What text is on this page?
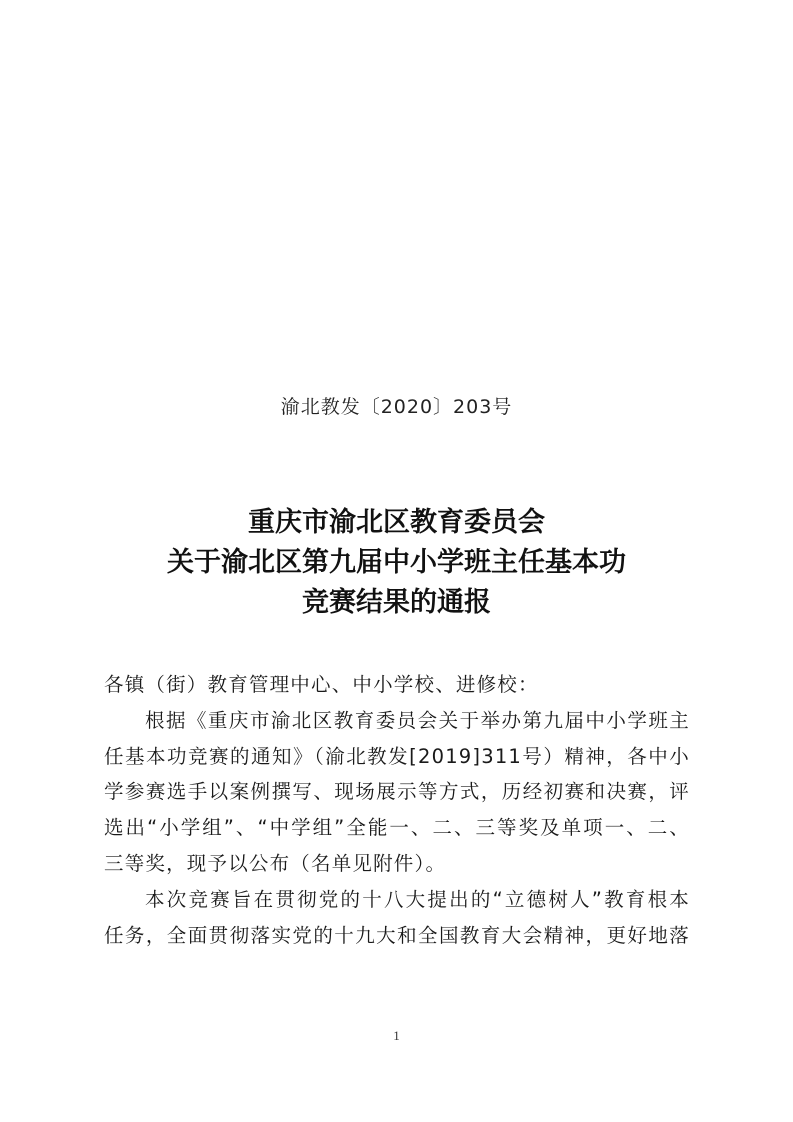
渝北教发〔2020〕203号
重庆市渝北区教育委员会
关于渝北区第九届中小学班主任基本功
竞赛结果的通报
各镇（街）教育管理中心、中小学校、进修校：
根据《重庆市渝北区教育委员会关于举办第九届中小学班主
任基本功竞赛的通知》（渝北教发[2019]311号）精神，各中小
学参赛选手以案例撰写、现场展示等方式，历经初赛和决赛，评
选出“小学组”、“中学组”全能一、二、三等奖及单项一、二、
三等奖，现予以公布（名单见附件）。
本次竞赛旨在贯彻党的十八大提出的“立德树人”教育根本
任务，全面贯彻落实党的十九大和全国教育大会精神，更好地落
1
